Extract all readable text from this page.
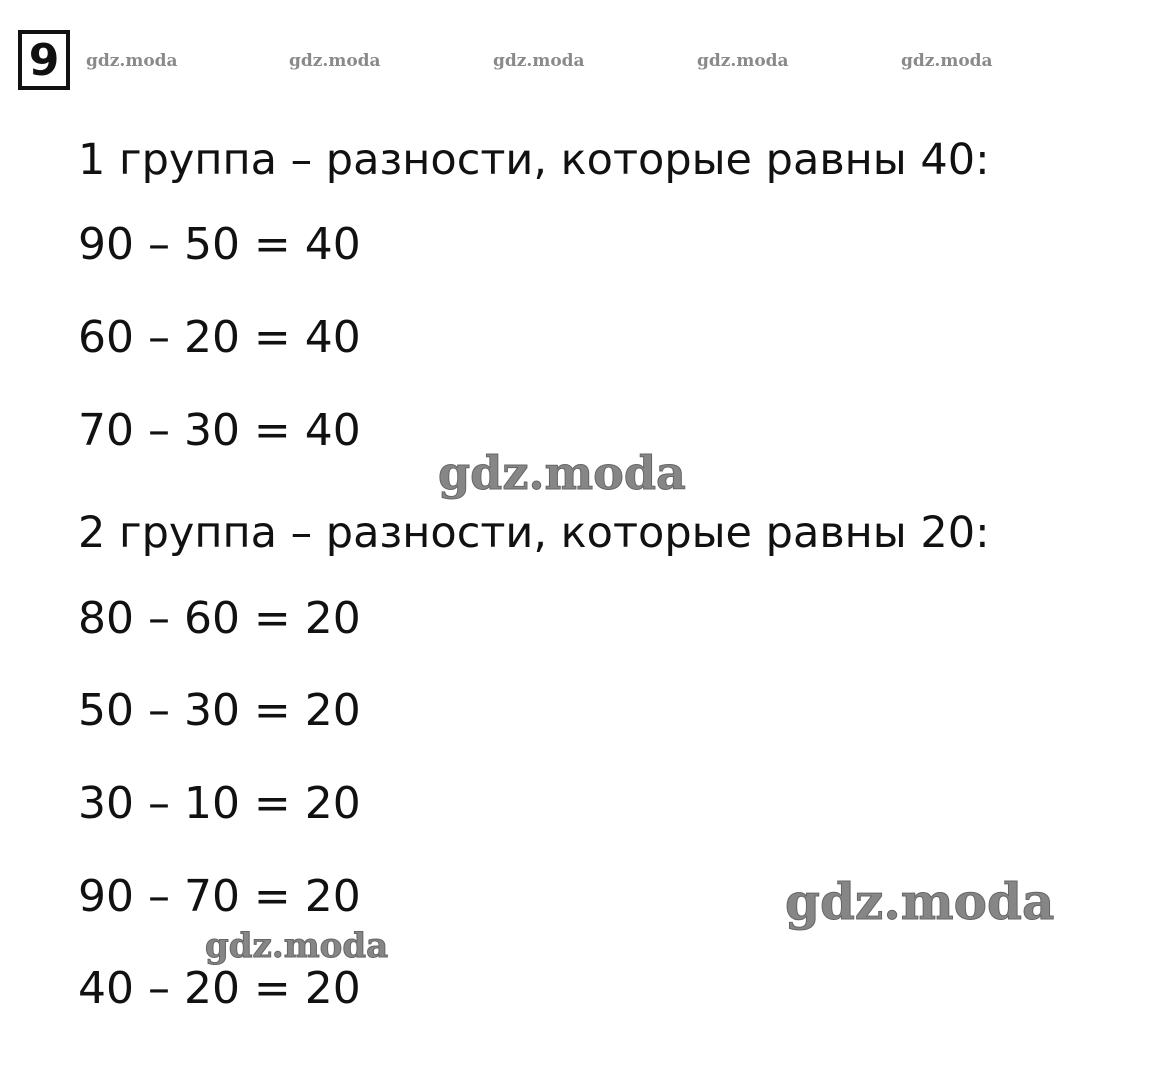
9	gdz.moda	gdz.moda	gdz.moda	gdz.moda	gdz.moda
1 группа – разности, которые равны 40:
90 – 50 = 40
60 – 20 = 40
70 – 30 = 40
2 группа – разности, которые равны 20:
80 – 60 = 20
50 – 30 = 20
30 – 10 = 20
90 – 70 = 20
40 – 20 = 20
gdz.moda
gdz.moda
gdz.moda
